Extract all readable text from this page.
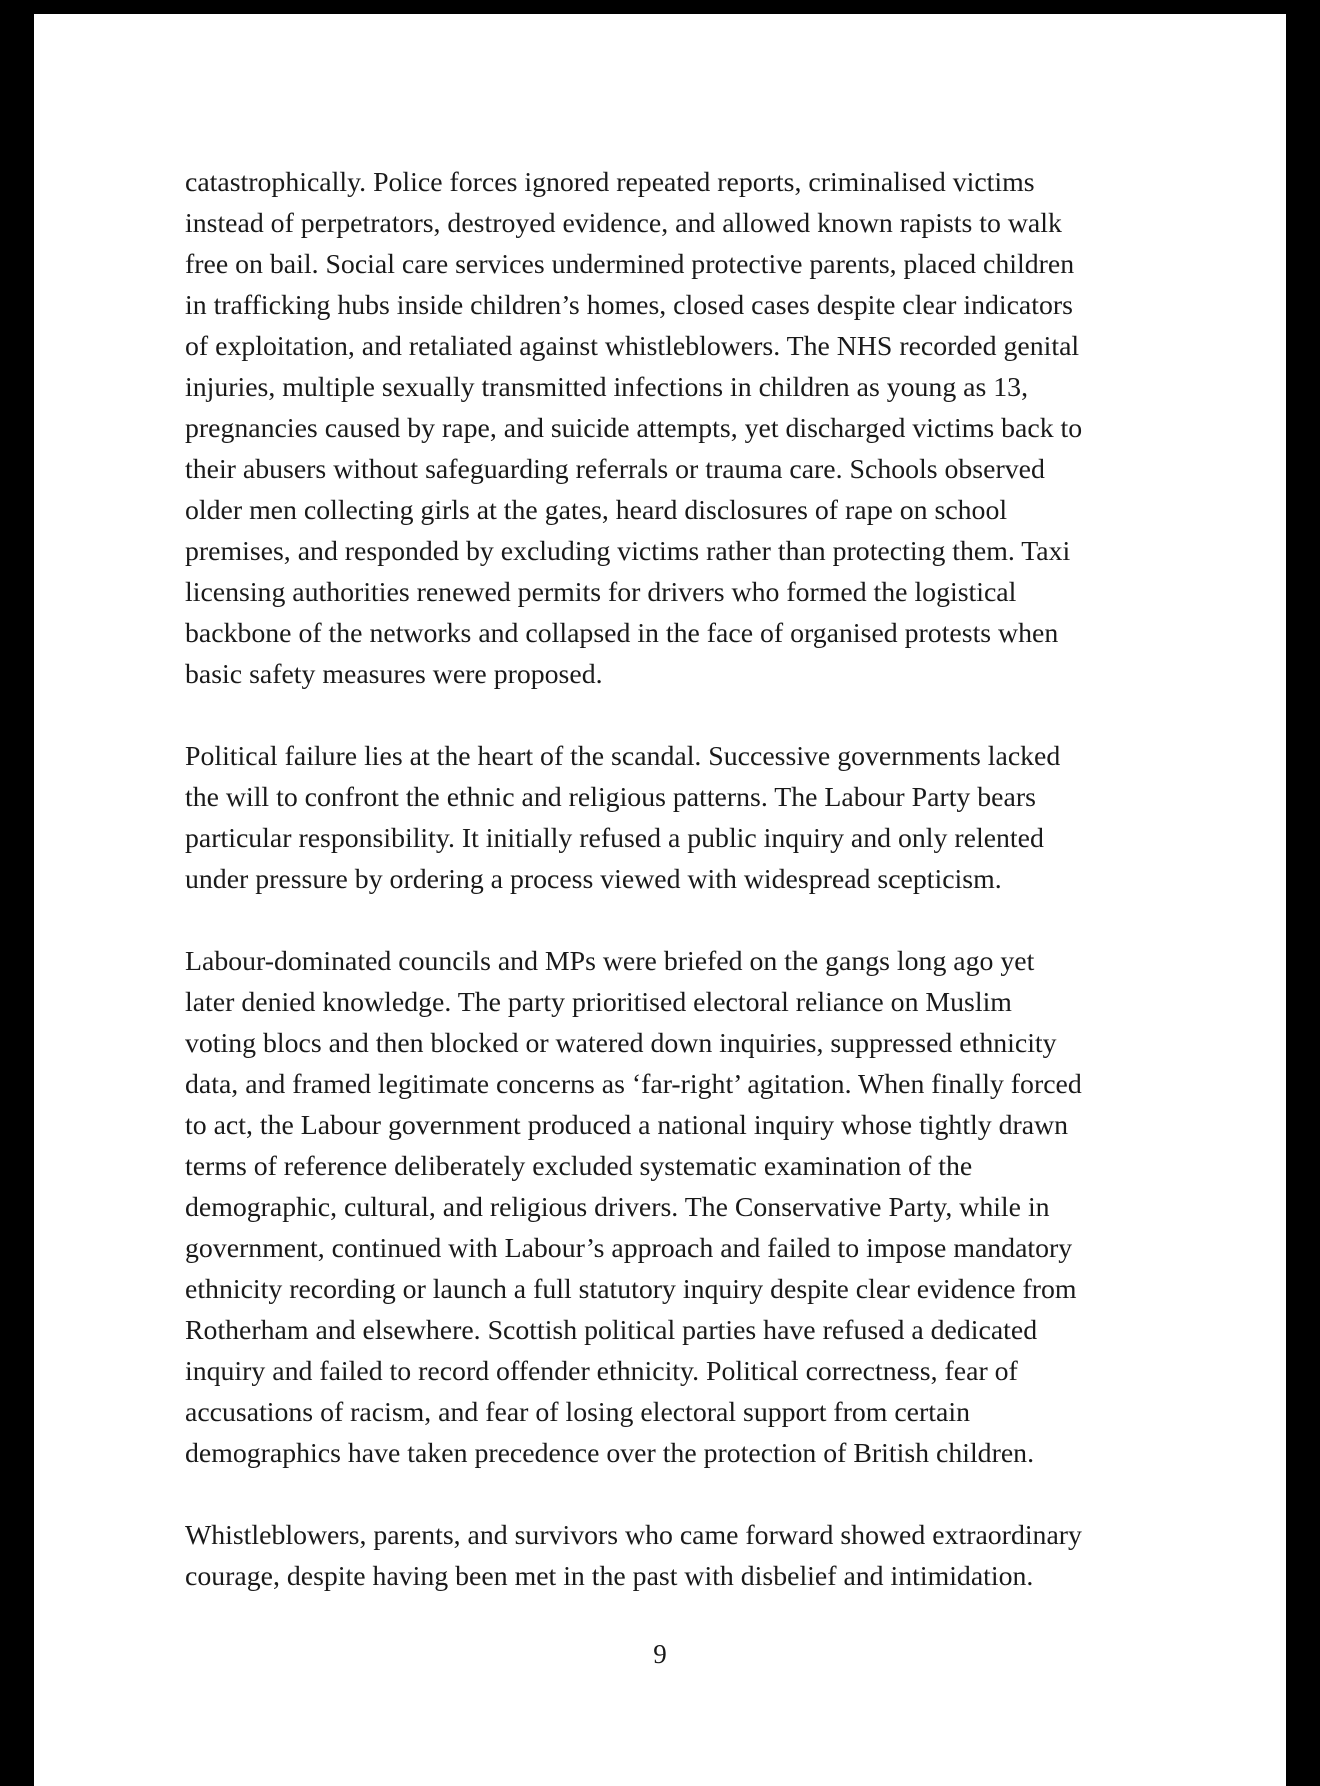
catastrophically. Police forces ignored repeated reports, criminalised victims
instead of perpetrators, destroyed evidence, and allowed known rapists to walk
free on bail. Social care services undermined protective parents, placed children
in trafficking hubs inside children’s homes, closed cases despite clear indicators
of exploitation, and retaliated against whistleblowers. The NHS recorded genital
injuries, multiple sexually transmitted infections in children as young as 13,
pregnancies caused by rape, and suicide attempts, yet discharged victims back to
their abusers without safeguarding referrals or trauma care. Schools observed
older men collecting girls at the gates, heard disclosures of rape on school
premises, and responded by excluding victims rather than protecting them. Taxi
licensing authorities renewed permits for drivers who formed the logistical
backbone of the networks and collapsed in the face of organised protests when
basic safety measures were proposed.

Political failure lies at the heart of the scandal. Successive governments lacked
the will to confront the ethnic and religious patterns. The Labour Party bears
particular responsibility. It initially refused a public inquiry and only relented
under pressure by ordering a process viewed with widespread scepticism.

Labour-dominated councils and MPs were briefed on the gangs long ago yet
later denied knowledge. The party prioritised electoral reliance on Muslim
voting blocs and then blocked or watered down inquiries, suppressed ethnicity
data, and framed legitimate concerns as ‘far-right’ agitation. When finally forced
to act, the Labour government produced a national inquiry whose tightly drawn
terms of reference deliberately excluded systematic examination of the
demographic, cultural, and religious drivers. The Conservative Party, while in
government, continued with Labour’s approach and failed to impose mandatory
ethnicity recording or launch a full statutory inquiry despite clear evidence from
Rotherham and elsewhere. Scottish political parties have refused a dedicated
inquiry and failed to record offender ethnicity. Political correctness, fear of
accusations of racism, and fear of losing electoral support from certain
demographics have taken precedence over the protection of British children.

Whistleblowers, parents, and survivors who came forward showed extraordinary
courage, despite having been met in the past with disbelief and intimidation.

9
